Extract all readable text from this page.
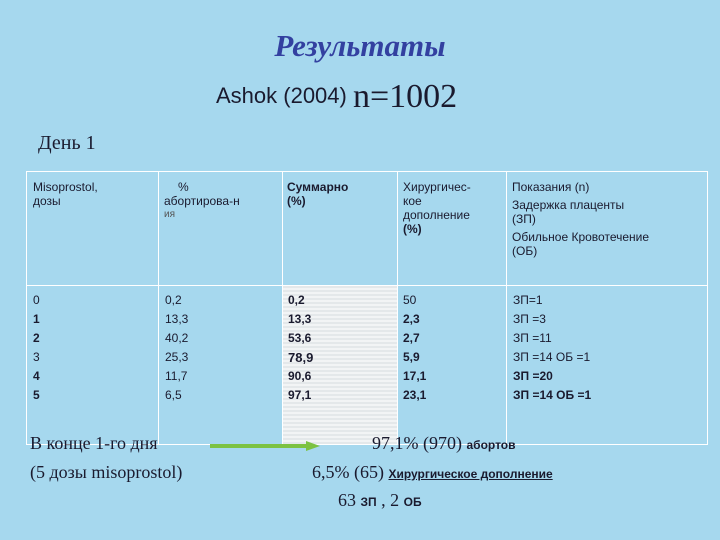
Результаты
Ashok (2004) n=1002
День 1
Misoprostol,
дозы
%
абортирова-н
ия
Суммарно
(%)
Хирургичес-
кое
дополнение
(%)
Показания (n)
Задержка плаценты
(ЗП)
Обильное Кровотечение
(ОБ)
0
1
2
3
4
5
0,2
13,3
40,2
25,3
11,7
6,5
0,2
13,3
53,6
78,9
90,6
97,1
50
2,3
2,7
5,9
17,1
23,1
ЗП=1
ЗП =3
ЗП =11
ЗП =14 ОБ =1
ЗП =20
ЗП =14 ОБ =1
В конце 1-го дня	97,1% (970) абортов
(5 дозы misoprostol)	6,5% (65) Хирургическое дополнение
63 ЗП , 2 ОБ
